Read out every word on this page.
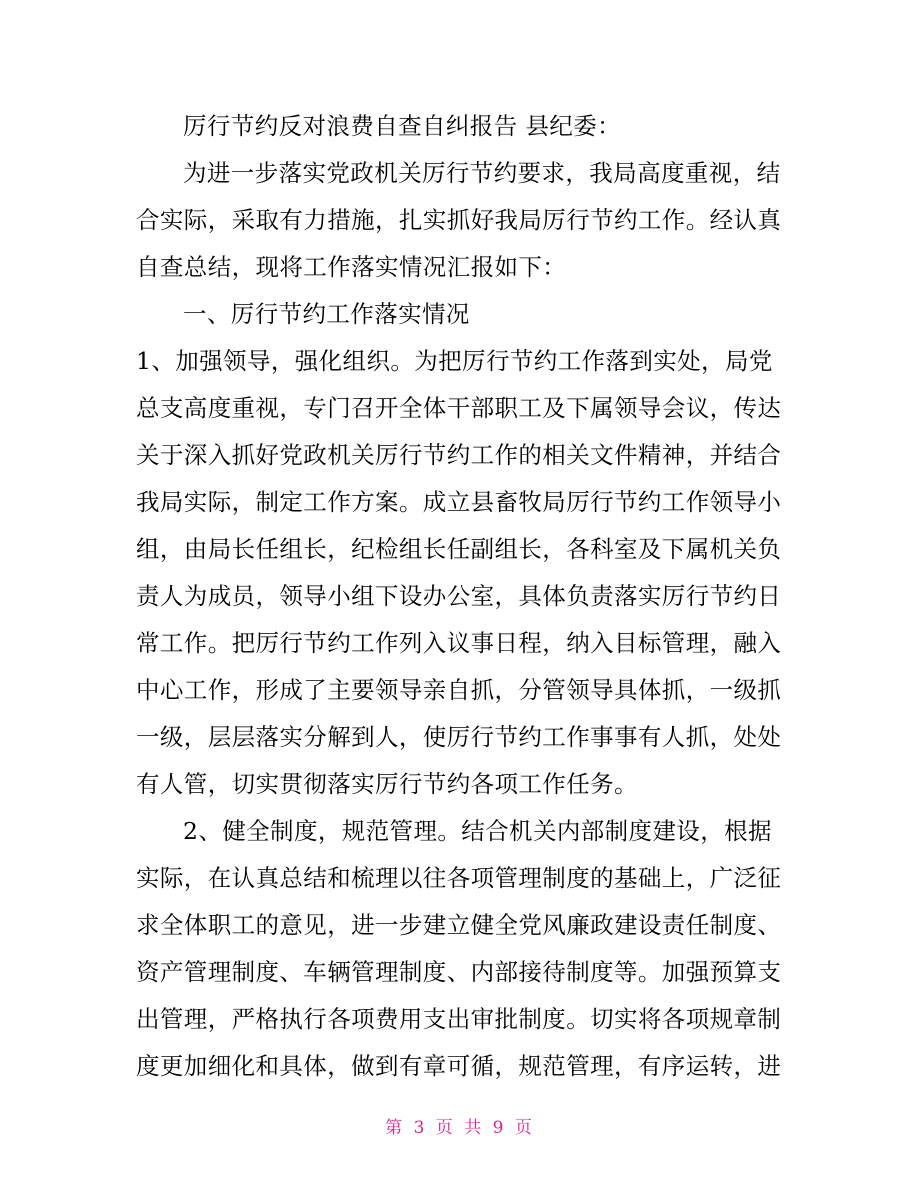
厉行节约反对浪费自查自纠报告 县纪委：
为进一步落实党政机关厉行节约要求，我局高度重视，结
合实际，采取有力措施，扎实抓好我局厉行节约工作。经认真
自查总结，现将工作落实情况汇报如下：
一、厉行节约工作落实情况
1、加强领导，强化组织。为把厉行节约工作落到实处，局党
总支高度重视，专门召开全体干部职工及下属领导会议，传达
关于深入抓好党政机关厉行节约工作的相关文件精神，并结合
我局实际，制定工作方案。成立县畜牧局厉行节约工作领导小
组，由局长任组长，纪检组长任副组长，各科室及下属机关负
责人为成员，领导小组下设办公室，具体负责落实厉行节约日
常工作。把厉行节约工作列入议事日程，纳入目标管理，融入
中心工作，形成了主要领导亲自抓，分管领导具体抓，一级抓
一级，层层落实分解到人，使厉行节约工作事事有人抓，处处
有人管，切实贯彻落实厉行节约各项工作任务。
2、健全制度，规范管理。结合机关内部制度建设，根据
实际，在认真总结和梳理以往各项管理制度的基础上，广泛征
求全体职工的意见，进一步建立健全党风廉政建设责任制度、
资产管理制度、车辆管理制度、内部接待制度等。加强预算支
出管理，严格执行各项费用支出审批制度。切实将各项规章制
度更加细化和具体，做到有章可循，规范管理，有序运转，进
第 3 页 共 9 页
